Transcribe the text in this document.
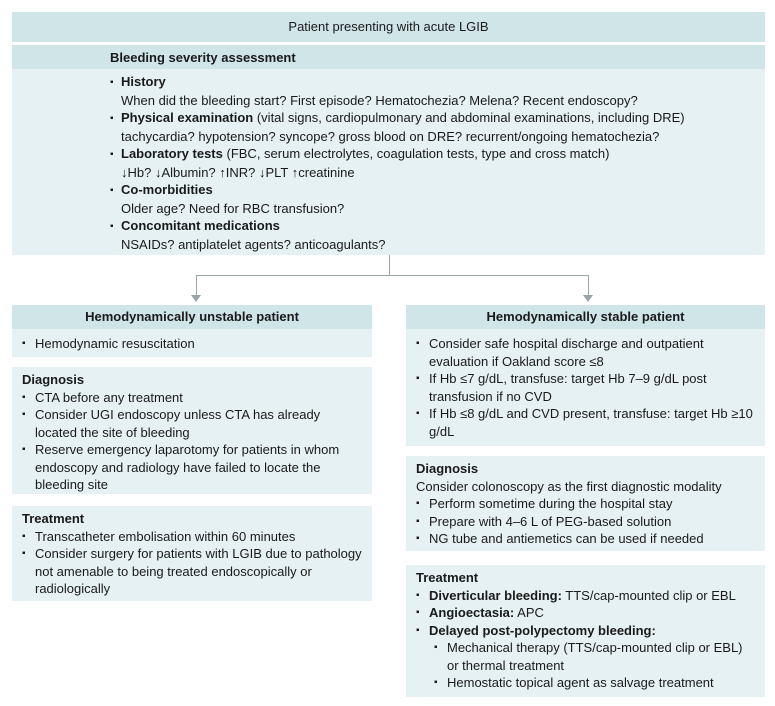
Patient presenting with acute LGIB
Bleeding severity assessment
▪ History
When did the bleeding start? First episode? Hematochezia? Melena? Recent endoscopy?
▪ Physical examination (vital signs, cardiopulmonary and abdominal examinations, including DRE)
tachycardia? hypotension? syncope? gross blood on DRE? recurrent/ongoing hematochezia?
▪ Laboratory tests (FBC, serum electrolytes, coagulation tests, type and cross match)
↓Hb? ↓Albumin? ↑INR? ↓PLT ↑creatinine
▪ Co-morbidities
Older age? Need for RBC transfusion?
▪ Concomitant medications
NSAIDs? antiplatelet agents? anticoagulants?
Hemodynamically unstable patient
▪ Hemodynamic resuscitation
Diagnosis
▪ CTA before any treatment
▪ Consider UGI endoscopy unless CTA has already located the site of bleeding
▪ Reserve emergency laparotomy for patients in whom endoscopy and radiology have failed to locate the bleeding site
Treatment
▪ Transcatheter embolisation within 60 minutes
▪ Consider surgery for patients with LGIB due to pathology not amenable to being treated endoscopically or radiologically
Hemodynamically stable patient
▪ Consider safe hospital discharge and outpatient evaluation if Oakland score ≤8
▪ If Hb ≤7 g/dL, transfuse: target Hb 7–9 g/dL post transfusion if no CVD
▪ If Hb ≤8 g/dL and CVD present, transfuse: target Hb ≥10 g/dL
Diagnosis
Consider colonoscopy as the first diagnostic modality
▪ Perform sometime during the hospital stay
▪ Prepare with 4–6 L of PEG-based solution
▪ NG tube and antiemetics can be used if needed
Treatment
▪ Diverticular bleeding: TTS/cap-mounted clip or EBL
▪ Angioectasia: APC
▪ Delayed post-polypectomy bleeding:
▪ Mechanical therapy (TTS/cap-mounted clip or EBL) or thermal treatment
▪ Hemostatic topical agent as salvage treatment
